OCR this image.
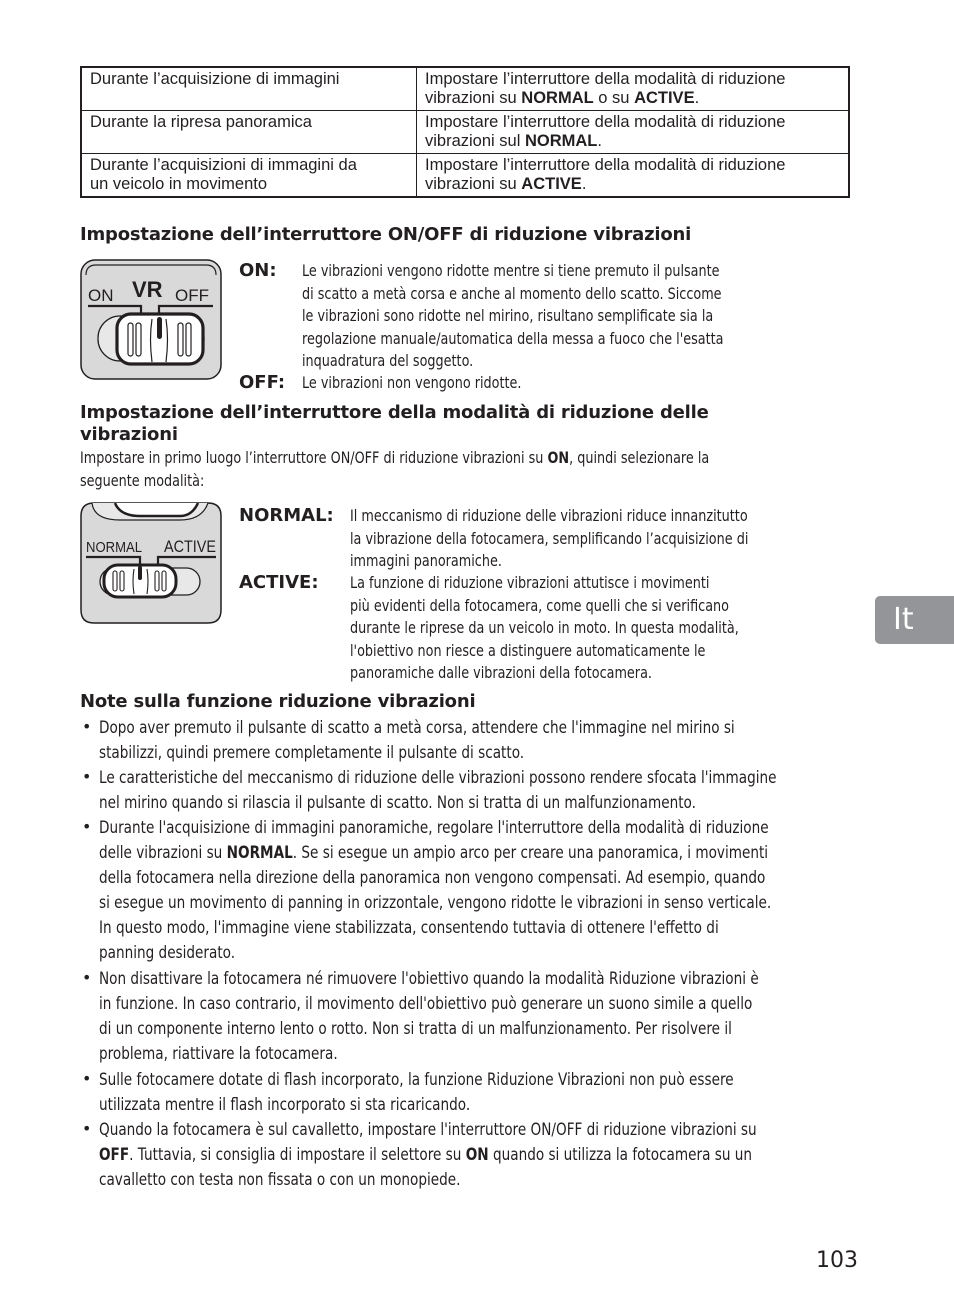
Durante l’acquisizione di immagini	Impostare l’interruttore della modalità di riduzione vibrazioni su NORMAL o su ACTIVE.

Durante la ripresa panoramica	Impostare l’interruttore della modalità di riduzione vibrazioni sul NORMAL.

Durante l’acquisizioni di immagini da
un veicolo in movimento	Impostare l’interruttore della modalità di riduzione vibrazioni su ACTIVE.
Impostazione dell’interruttore ON/OFF di riduzione vibrazioni
ON VR OFF
ON: Le vibrazioni vengono ridotte mentre si tiene premuto il pulsante
di scatto a metà corsa e anche al momento dello scatto. Siccome
le vibrazioni sono ridotte nel mirino, risultano semplificate sia la
regolazione manuale/automatica della messa a fuoco che l'esatta
inquadratura del soggetto.
OFF: Le vibrazioni non vengono ridotte.
Impostazione dell’interruttore della modalità di riduzione delle
vibrazioni
Impostare in primo luogo l’interruttore ON/OFF di riduzione vibrazioni su ON, quindi selezionare la
seguente modalità:
NORMAL ACTIVE
NORMAL: Il meccanismo di riduzione delle vibrazioni riduce innanzitutto
la vibrazione della fotocamera, semplificando l’acquisizione di
immagini panoramiche.
ACTIVE: La funzione di riduzione vibrazioni attutisce i movimenti
più evidenti della fotocamera, come quelli che si verificano
durante le riprese da un veicolo in moto. In questa modalità,
l'obiettivo non riesce a distinguere automaticamente le
panoramiche dalle vibrazioni della fotocamera.
Note sulla funzione riduzione vibrazioni
• Dopo aver premuto il pulsante di scatto a metà corsa, attendere che l'immagine nel mirino si
stabilizzi, quindi premere completamente il pulsante di scatto.
• Le caratteristiche del meccanismo di riduzione delle vibrazioni possono rendere sfocata l'immagine
nel mirino quando si rilascia il pulsante di scatto. Non si tratta di un malfunzionamento.
• Durante l'acquisizione di immagini panoramiche, regolare l'interruttore della modalità di riduzione
delle vibrazioni su NORMAL. Se si esegue un ampio arco per creare una panoramica, i movimenti
della fotocamera nella direzione della panoramica non vengono compensati. Ad esempio, quando
si esegue un movimento di panning in orizzontale, vengono ridotte le vibrazioni in senso verticale.
In questo modo, l'immagine viene stabilizzata, consentendo tuttavia di ottenere l'effetto di
panning desiderato.
• Non disattivare la fotocamera né rimuovere l'obiettivo quando la modalità Riduzione vibrazioni è
in funzione. In caso contrario, il movimento dell'obiettivo può generare un suono simile a quello
di un componente interno lento o rotto. Non si tratta di un malfunzionamento. Per risolvere il
problema, riattivare la fotocamera.
• Sulle fotocamere dotate di flash incorporato, la funzione Riduzione Vibrazioni non può essere
utilizzata mentre il flash incorporato si sta ricaricando.
• Quando la fotocamera è sul cavalletto, impostare l'interruttore ON/OFF di riduzione vibrazioni su
OFF. Tuttavia, si consiglia di impostare il selettore su ON quando si utilizza la fotocamera su un
cavalletto con testa non fissata o con un monopiede.
It
103
